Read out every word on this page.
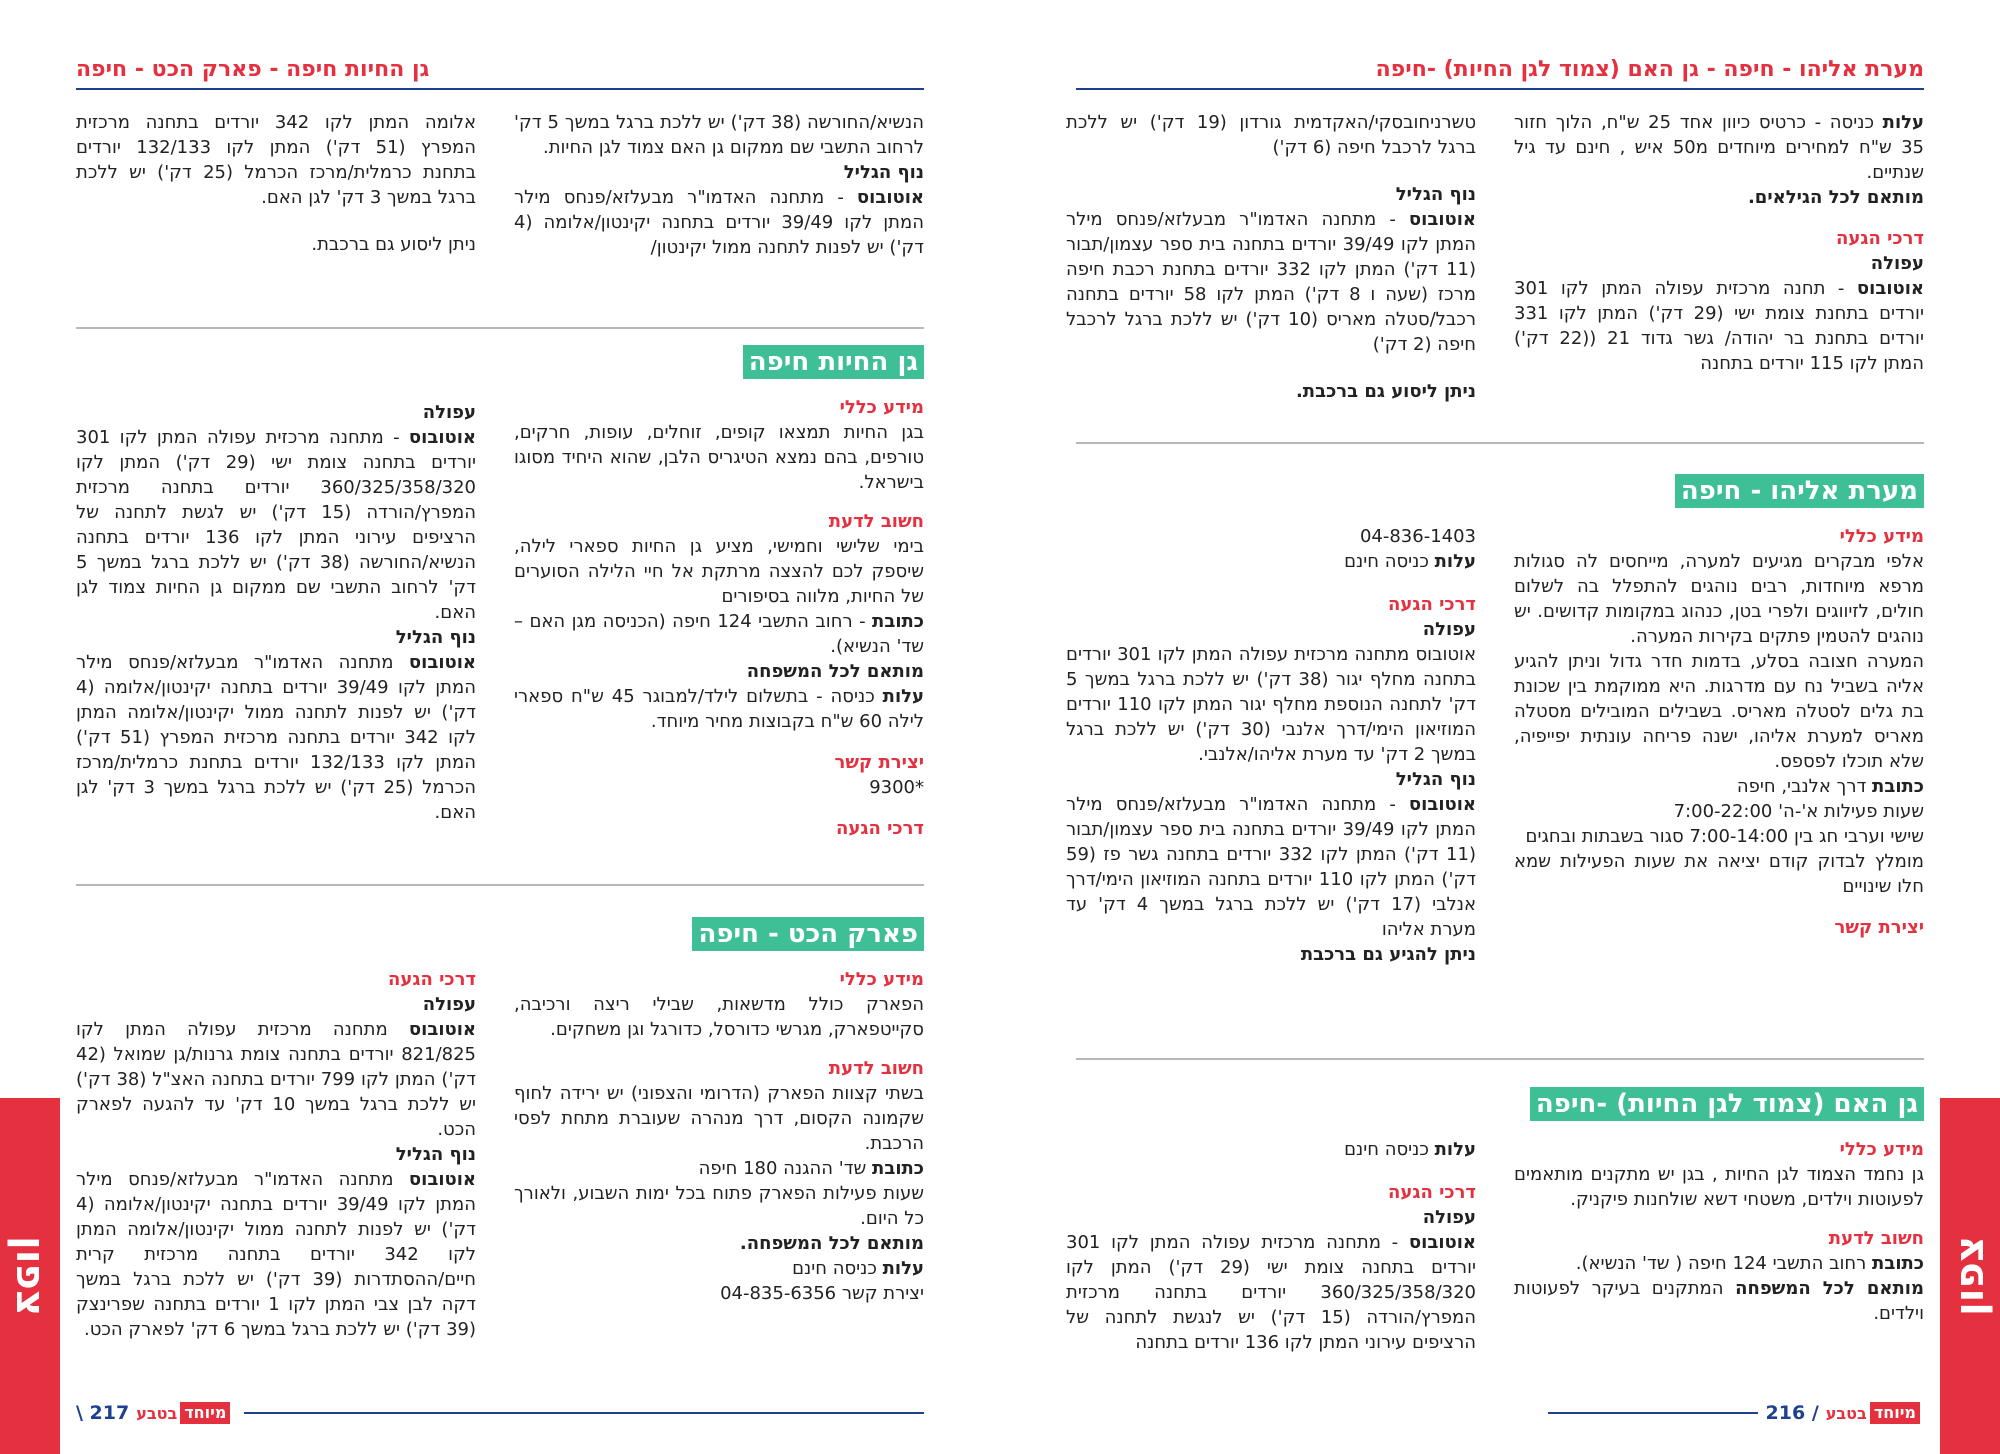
מערת אליהו - חיפה - גן האם (צמוד לגן החיות) -חיפה

עלות כניסה - כרטיס כיוון אחד 25 ש"ח, הלוך חזור 35 ש"ח למחירים מיוחדים מ50 איש , חינם עד גיל שנתיים.

מותאם לכל הגילאים.

דרכי הגעה

עפולה

אוטובוס - תחנה מרכזית עפולה המתן לקו 301 יורדים בתחנת צומת ישי (29 דק') המתן לקו 331 יורדים בתחנת בר יהודה/ גשר גדוד 21 ((22 דק') המתן לקו 115 יורדים בתחנה

טשרניחובסקי/האקדמית גורדון (19 דק') יש ללכת ברגל לרכבל חיפה (6 דק')

נוף הגליל

אוטובוס - מתחנה האדמו"ר מבעלזא/פנחס מילר המתן לקו 39/49 יורדים בתחנה בית ספר עצמון/תבור (11 דק') המתן לקו 332 יורדים בתחנת רכבת חיפה מרכז (שעה ו 8 דק') המתן לקו 58 יורדים בתחנה רכבל/סטלה מאריס (10 דק') יש ללכת ברגל לרכבל חיפה (2 דק')

ניתן ליסוע גם ברכבת.

מערת אליהו - חיפה
מידע כללי

אלפי מבקרים מגיעים למערה, מייחסים לה סגולות מרפא מיוחדות, רבים נוהגים להתפלל בה לשלום חולים, לזיווגים ולפרי בטן, כנהוג במקומות קדושים. יש נוהגים להטמין פתקים בקירות המערה.

המערה חצובה בסלע, בדמות חדר גדול וניתן להגיע אליה בשביל נח עם מדרגות. היא ממוקמת בין שכונת בת גלים לסטלה מאריס. בשבילים המובילים מסטלה מאריס למערת אליהו, ישנה פריחה עונתית יפייפיה, שלא תוכלו לפספס.

כתובת דרך אלנבי, חיפה

שעות פעילות א'-ה' 7:00-22:00

שישי וערבי חג בין 7:00-14:00 סגור בשבתות ובחגים

מומלץ לבדוק קודם יציאה את שעות הפעילות שמא חלו שינויים

יצירת קשר

04-836-1403

עלות כניסה חינם

דרכי הגעה

עפולה

אוטובוס מתחנה מרכזית עפולה המתן לקו 301 יורדים בתחנה מחלף יגור (38 דק') יש ללכת ברגל במשך 5 דק' לתחנה הנוספת מחלף יגור המתן לקו 110 יורדים המוזיאון הימי/דרך אלנבי (30 דק') יש ללכת ברגל במשך 2 דק' עד מערת אליהו/אלנבי.

נוף הגליל

אוטובוס - מתחנה האדמו"ר מבעלזא/פנחס מילר המתן לקו 39/49 יורדים בתחנה בית ספר עצמון/תבור (11 דק') המתן לקו 332 יורדים בתחנה גשר פז (59 דק') המתן לקו 110 יורדים בתחנה המוזיאון הימי/דרך אנלבי (17 דק') יש ללכת ברגל במשך 4 דק' עד מערת אליהו

ניתן להגיע גם ברכבת

גן האם (צמוד לגן החיות) -חיפה
מידע כללי

גן נחמד הצמוד לגן החיות , בגן יש מתקנים מותאמים לפעוטות וילדים, משטחי דשא שולחנות פיקניק.

חשוב לדעת

כתובת רחוב התשבי 124 חיפה ( שד' הנשיא).

מותאם לכל המשפחה המתקנים בעיקר לפעוטות וילדים.

עלות כניסה חינם

דרכי הגעה

עפולה

אוטובוס - מתחנה מרכזית עפולה המתן לקו 301 יורדים בתחנה צומת ישי (29 דק') המתן לקו 360/325/358/320 יורדים בתחנה מרכזית המפרץ/הורדה (15 דק') יש לנגשת לתחנה של הרציפים עירוני המתן לקו 136 יורדים בתחנה

216 /	מיוחד
בטבע
צפון
גן החיות חיפה - פארק הכט - חיפה

הנשיא/החורשה (38 דק') יש ללכת ברגל במשך 5 דק' לרחוב התשבי שם ממקום גן האם צמוד לגן החיות.

נוף הגליל

אוטובוס - מתחנה האדמו"ר מבעלזא/פנחס מילר המתן לקו 39/49 יורדים בתחנה יקינטון/אלומה (4 דק') יש לפנות לתחנה ממול יקינטון/

אלומה המתן לקו 342 יורדים בתחנה מרכזית המפרץ (51 דק') המתן לקו 132/133 יורדים בתחנת כרמלית/מרכז הכרמל (25 דק') יש ללכת ברגל במשך 3 דק' לגן האם.

ניתן ליסוע גם ברכבת.

גן החיות חיפה
מידע כללי

בגן החיות תמצאו קופים, זוחלים, עופות, חרקים, טורפים, בהם נמצא הטיגריס הלבן, שהוא היחיד מסוגו בישראל.

חשוב לדעת

בימי שלישי וחמישי, מציע גן החיות ספארי לילה, שיספק לכם להצצה מרתקת אל חיי הלילה הסוערים של החיות, מלווה בסיפורים

כתובת - רחוב התשבי 124 חיפה (הכניסה מגן האם – שד' הנשיא).

מותאם לכל המשפחה

עלות כניסה - בתשלום לילד/למבוגר 45 ש"ח ספארי לילה 60 ש"ח בקבוצות מחיר מיוחד.

יצירת קשר

*9300

דרכי הגעה

עפולה

אוטובוס - מתחנה מרכזית עפולה המתן לקו 301 יורדים בתחנה צומת ישי (29 דק') המתן לקו 360/325/358/320 יורדים בתחנה מרכזית המפרץ/הורדה (15 דק') יש לגשת לתחנה של הרציפים עירוני המתן לקו 136 יורדים בתחנה הנשיא/החורשה (38 דק') יש ללכת ברגל במשך 5 דק' לרחוב התשבי שם ממקום גן החיות צמוד לגן האם.

נוף הגליל

אוטובוס מתחנה האדמו"ר מבעלזא/פנחס מילר המתן לקו 39/49 יורדים בתחנה יקינטון/אלומה (4 דק') יש לפנות לתחנה ממול יקינטון/אלומה המתן לקו 342 יורדים בתחנה מרכזית המפרץ (51 דק') המתן לקו 132/133 יורדים בתחנת כרמלית/מרכז הכרמל (25 דק') יש ללכת ברגל במשך 3 דק' לגן האם.

פארק הכט - חיפה
מידע כללי

הפארק כולל מדשאות, שבילי ריצה ורכיבה, סקייטפארק, מגרשי כדורסל, כדורגל וגן משחקים.

חשוב לדעת

בשתי קצוות הפארק (הדרומי והצפוני) יש ירידה לחוף שקמונה הקסום, דרך מנהרה שעוברת מתחת לפסי הרכבת.

כתובת שד' ההגנה 180 חיפה

שעות פעילות הפארק פתוח בכל ימות השבוע, ולאורך כל היום.

מותאם לכל המשפחה.

עלות כניסה חינם

יצירת קשר 04-835-6356

דרכי הגעה

עפולה

אוטובוס מתחנה מרכזית עפולה המתן לקו 821/825 יורדים בתחנה צומת גרנות/גן שמואל (42 דק') המתן לקו 799 יורדים בתחנה האצ"ל (38 דק') יש ללכת ברגל במשך 10 דק' עד להגעה לפארק הכט.

נוף הגליל

אוטובוס מתחנה האדמו"ר מבעלזא/פנחס מילר המתן לקו 39/49 יורדים בתחנה יקינטון/אלומה (4 דק') יש לפנות לתחנה ממול יקינטון/אלומה המתן לקו 342 יורדים בתחנה מרכזית קרית חיים/ההסתדרות (39 דק') יש ללכת ברגל במשך דקה לבן צבי המתן לקו 1 יורדים בתחנה שפרינצק (39 דק') יש ללכת ברגל במשך 6 דק' לפארק הכט.

\ 217	מיוחד
בטבע
צפון
